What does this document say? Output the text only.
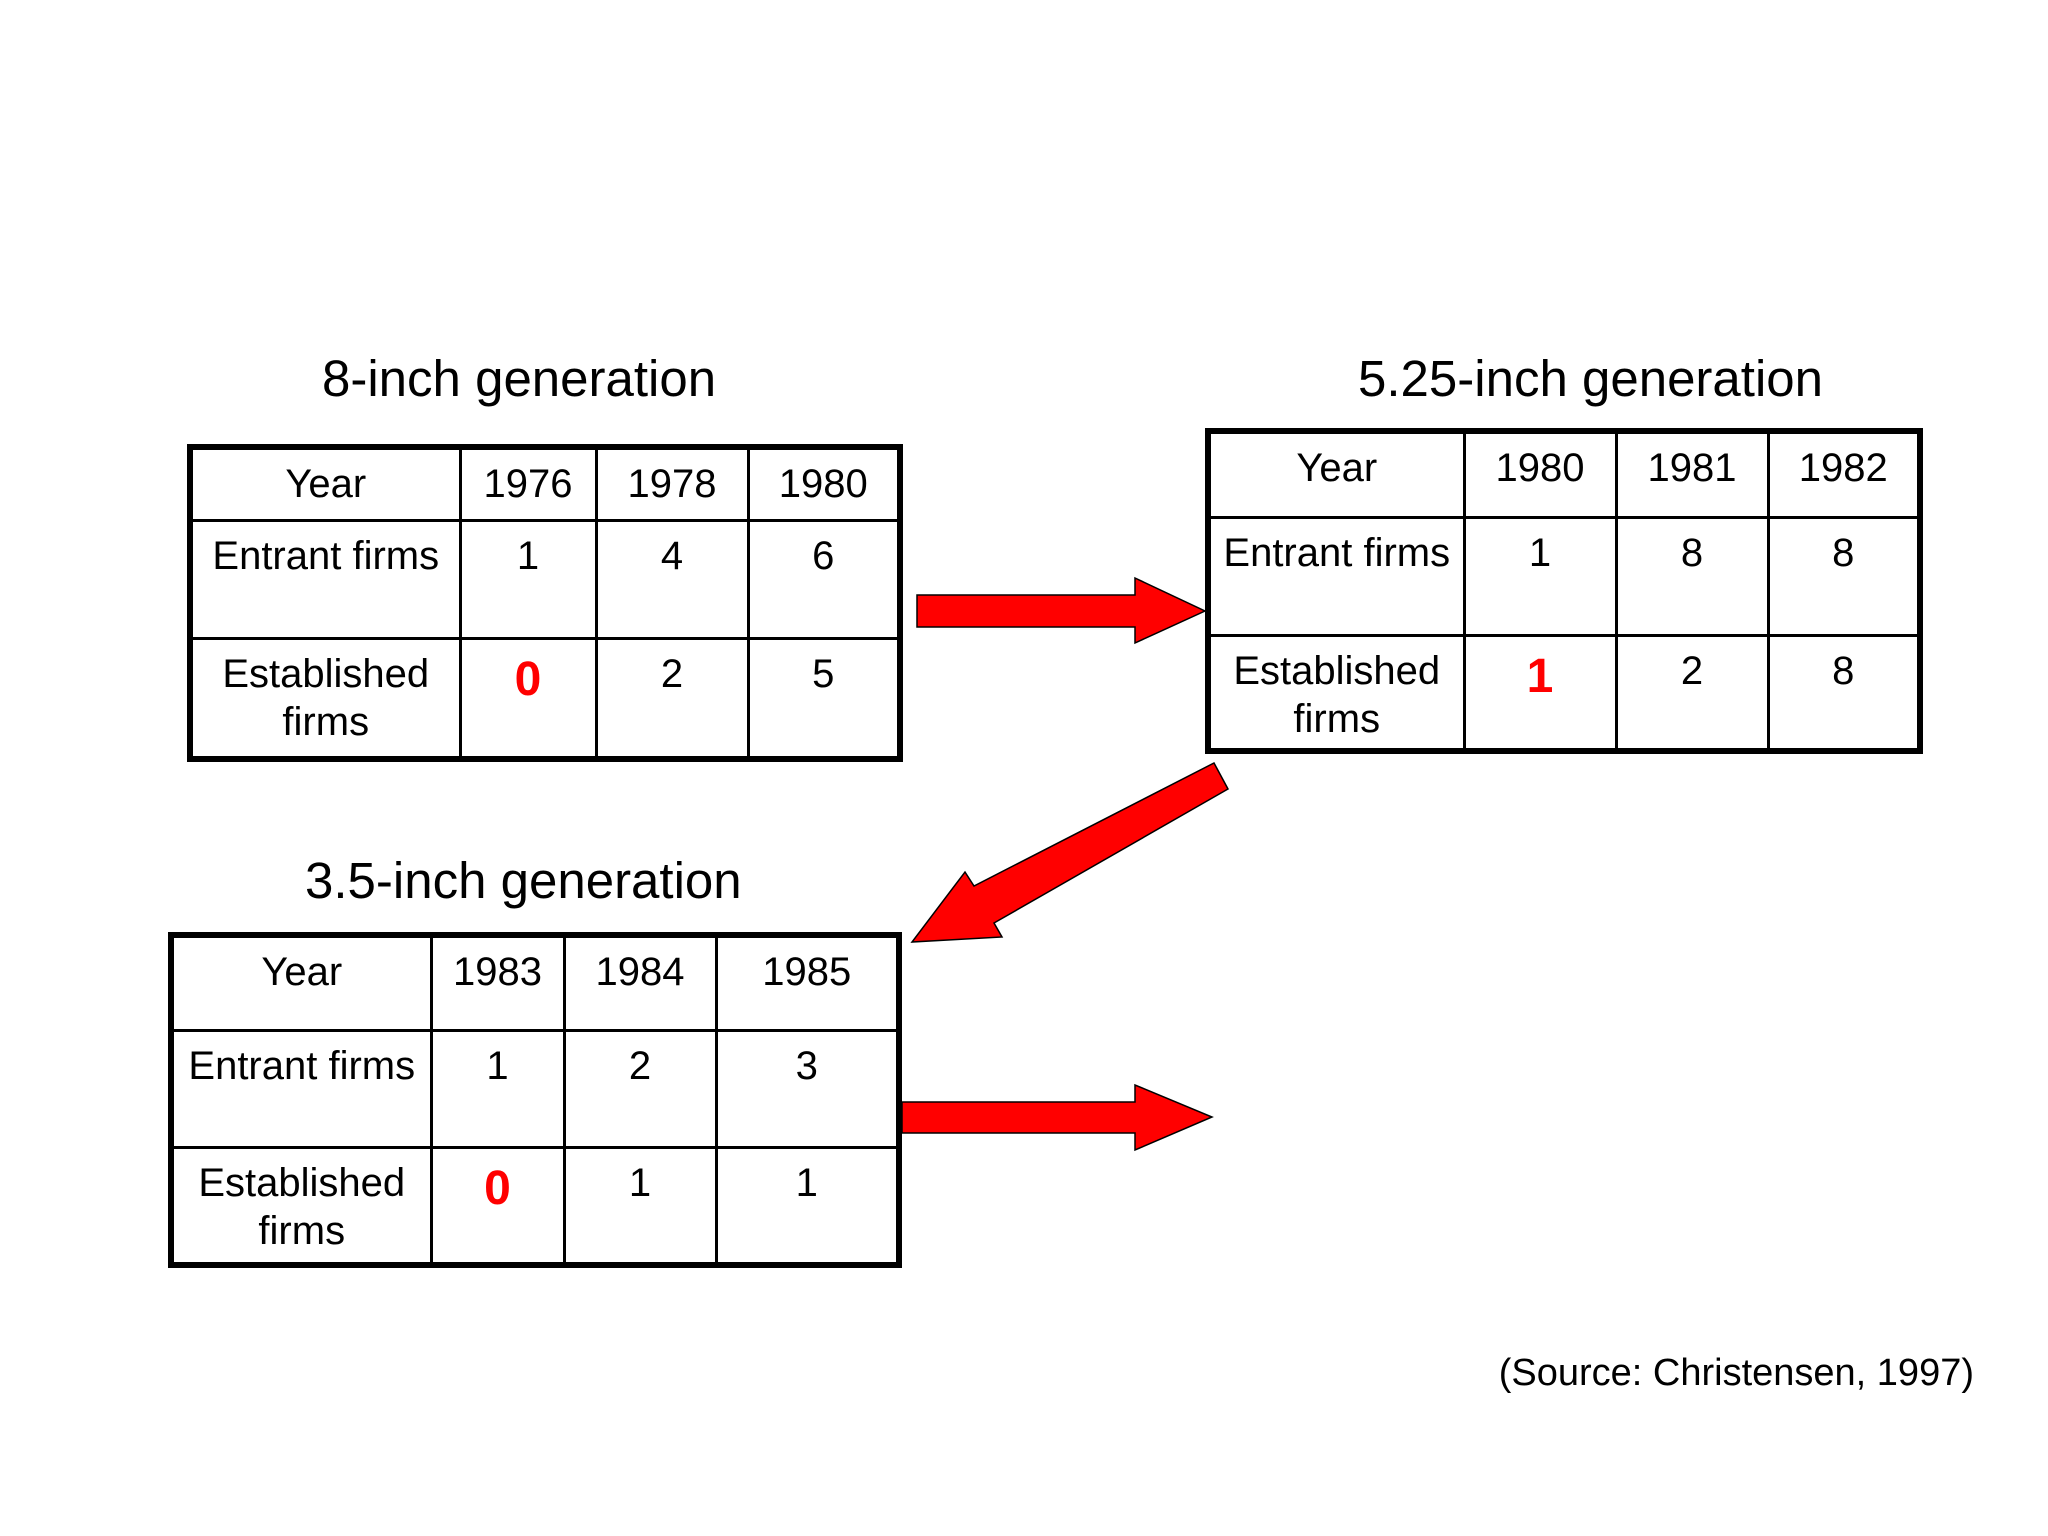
8-inch generation	5.25-inch generation
3.5-inch generation
Year	1976	1978	1980
Entrant firms	1	4	6
Established firms	0	2	5
Year	1980	1981	1982
Entrant firms	1	8	8
Established firms	1	2	8
Year	1983	1984	1985
Entrant firms	1	2	3
Established firms	0	1	1
(Source: Christensen, 1997)
